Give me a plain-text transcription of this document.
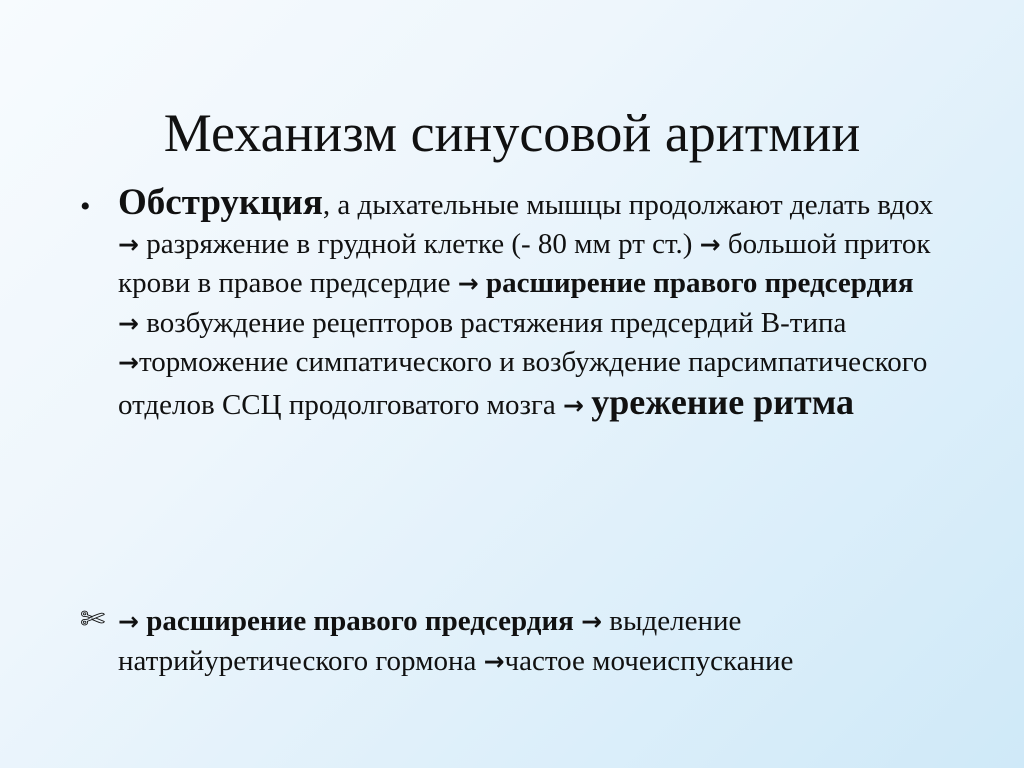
Механизм синусовой аритмии
• Обструкция, а дыхательные мышцы продолжают делать вдох → разряжение в грудной клетке (- 80 мм рт ст.) → большой приток крови в правое предсердие → расширение правого предсердия → возбуждение рецепторов растяжения предсердий В-типа →торможение симпатического и возбуждение парсимпатического отделов ССЦ продолговатого мозга → урежение ритма
✄ → расширение правого предсердия → выделение натрийуретического гормона →частое мочеиспускание
